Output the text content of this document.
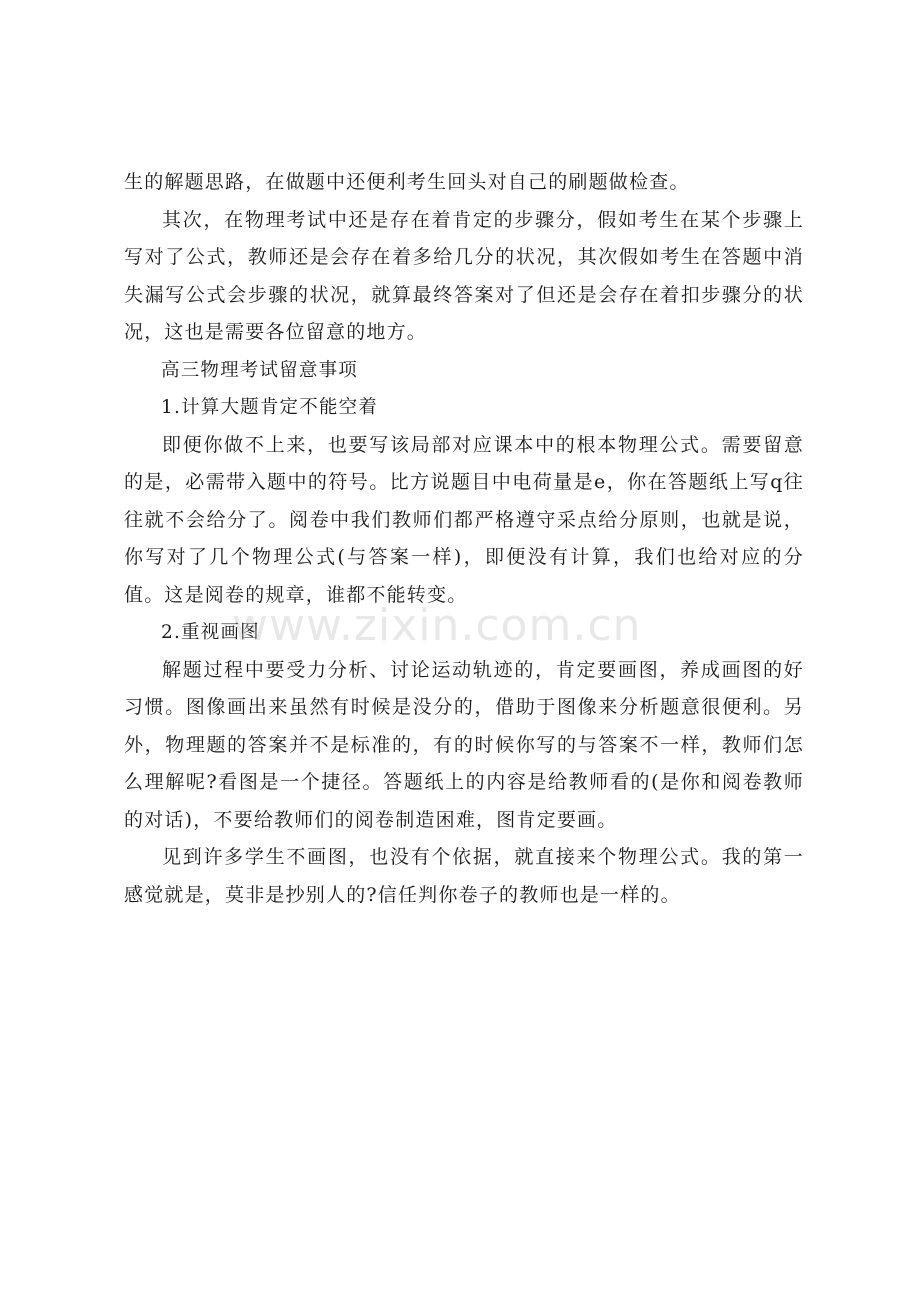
生的解题思路，在做题中还便利考生回头对自己的刷题做检查。

其次，在物理考试中还是存在着肯定的步骤分，假如考生在某个步骤上写对了公式，教师还是会存在着多给几分的状况，其次假如考生在答题中消失漏写公式会步骤的状况，就算最终答案对了但还是会存在着扣步骤分的状况，这也是需要各位留意的地方。

高三物理考试留意事项

1.计算大题肯定不能空着

即便你做不上来，也要写该局部对应课本中的根本物理公式。需要留意的是，必需带入题中的符号。比方说题目中电荷量是e，你在答题纸上写q往往就不会给分了。阅卷中我们教师们都严格遵守采点给分原则，也就是说，你写对了几个物理公式(与答案一样)，即便没有计算，我们也给对应的分值。这是阅卷的规章，谁都不能转变。

2.重视画图

解题过程中要受力分析、讨论运动轨迹的，肯定要画图，养成画图的好习惯。图像画出来虽然有时候是没分的，借助于图像来分析题意很便利。另外，物理题的答案并不是标准的，有的时候你写的与答案不一样，教师们怎么理解呢?看图是一个捷径。答题纸上的内容是给教师看的(是你和阅卷教师的对话)，不要给教师们的阅卷制造困难，图肯定要画。

见到许多学生不画图，也没有个依据，就直接来个物理公式。我的第一感觉就是，莫非是抄别人的?信任判你卷子的教师也是一样的。

www.zixin.com.cn
